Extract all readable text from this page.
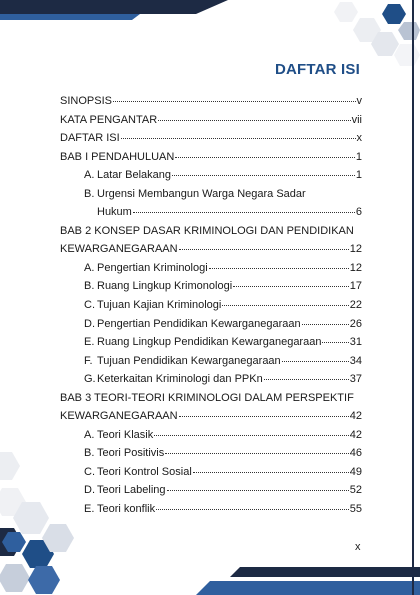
DAFTAR ISI
SINOPSIS	v
KATA PENGANTAR	vii
DAFTAR ISI	x
BAB I PENDAHULUAN	1
A. Latar Belakang	1
B. Urgensi Membangun Warga Negara Sadar
Hukum	6
BAB 2 KONSEP DASAR KRIMINOLOGI DAN PENDIDIKAN
KEWARGANEGARAAN	12
A. Pengertian Kriminologi	12
B. Ruang Lingkup Krimonologi	17
C. Tujuan Kajian Kriminologi	22
D. Pengertian Pendidikan Kewarganegaraan	26
E. Ruang Lingkup Pendidikan Kewarganegaraan	31
F. Tujuan Pendidikan Kewarganegaraan	34
G. Keterkaitan Kriminologi dan PPKn	37
BAB 3 TEORI-TEORI KRIMINOLOGI DALAM PERSPEKTIF
KEWARGANEGARAAN	42
A. Teori Klasik	42
B. Teori Positivis	46
C. Teori Kontrol Sosial	49
D. Teori Labeling	52
E. Teori konflik	55
x
